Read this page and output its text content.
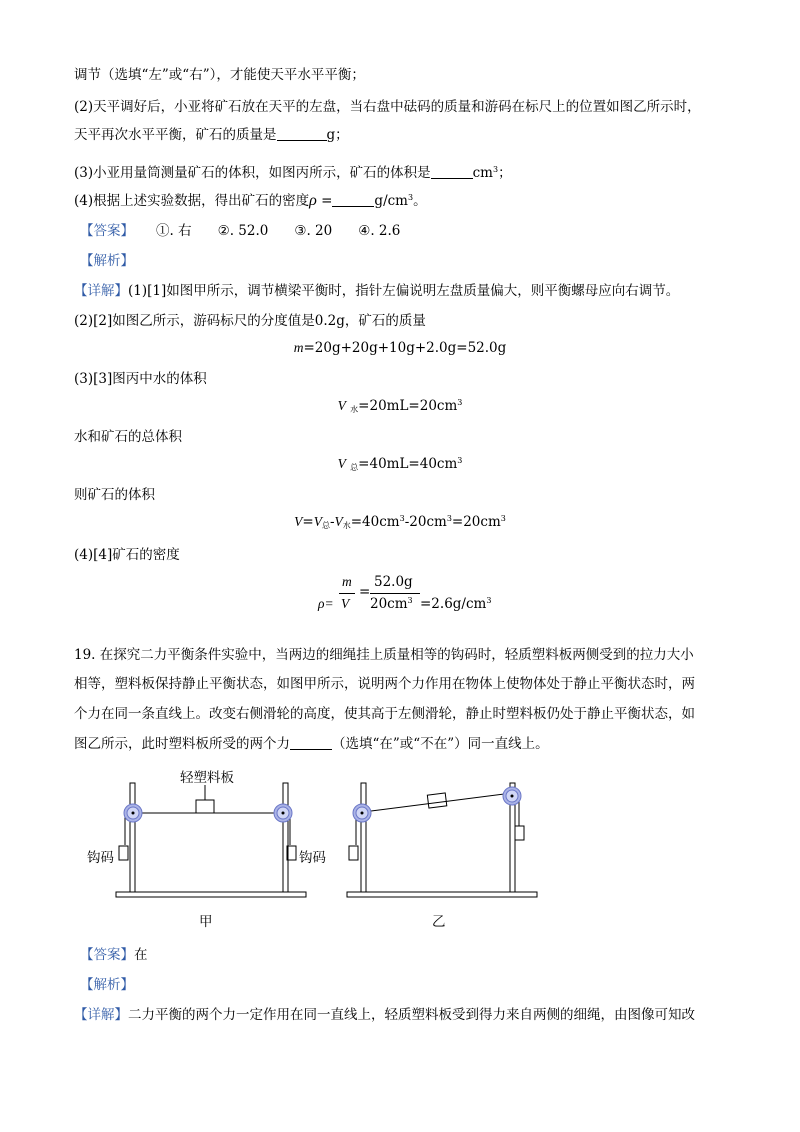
调节（选填“左”或“右”），才能使天平水平平衡；
(2)天平调好后，小亚将矿石放在天平的左盘，当右盘中砝码的质量和游码在标尺上的位置如图乙所示时，
天平再次水平平衡，矿石的质量是	g；
(3)小亚用量筒测量矿石的体积，如图丙所示，矿石的体积是	$cm^3$；
(4)根据上述实验数据，得出矿石的密度ρ =	$g/cm^3$。
【答案】 ①. 右 ②. 52.0 ③. 20 ④. 2.6
【解析】
【详解】(1)[1]如图甲所示，调节横梁平衡时，指针左偏说明左盘质量偏大，则平衡螺母应向右调节。
(2)[2]如图乙所示，游码标尺的分度值是0.2g，矿石的质量
m=20g+20g+10g+2.0g=52.0g
(3)[3]图丙中水的体积
V $_水=20mL=20cm^3$
水和矿石的总体积
V $_总=40mL=40cm^3$
则矿石的体积
$V=V_总-V_水=40cm^3-20cm^3=20cm^3$
(4)[4]矿石的密度
ρ=
m
V
=
52.0g
$20cm^3 =2.6g/cm^3$
19. 在探究二力平衡条件实验中，当两边的细绳挂上质量相等的钩码时，轻质塑料板两侧受到的拉力大小
相等，塑料板保持静止平衡状态，如图甲所示，说明两个力作用在物体上使物体处于静止平衡状态时，两
个力在同一条直线上。改变右侧滑轮的高度，使其高于左侧滑轮，静止时塑料板仍处于静止平衡状态，如
图乙所示，此时塑料板所受的两个力	（选填“在”或“不在”）同一直线上。
轻塑料板
钩码	钩码
甲	乙
【答案】在
【解析】
【详解】二力平衡的两个力一定作用在同一直线上，轻质塑料板受到得力来自两侧的细绳，由图像可知改
